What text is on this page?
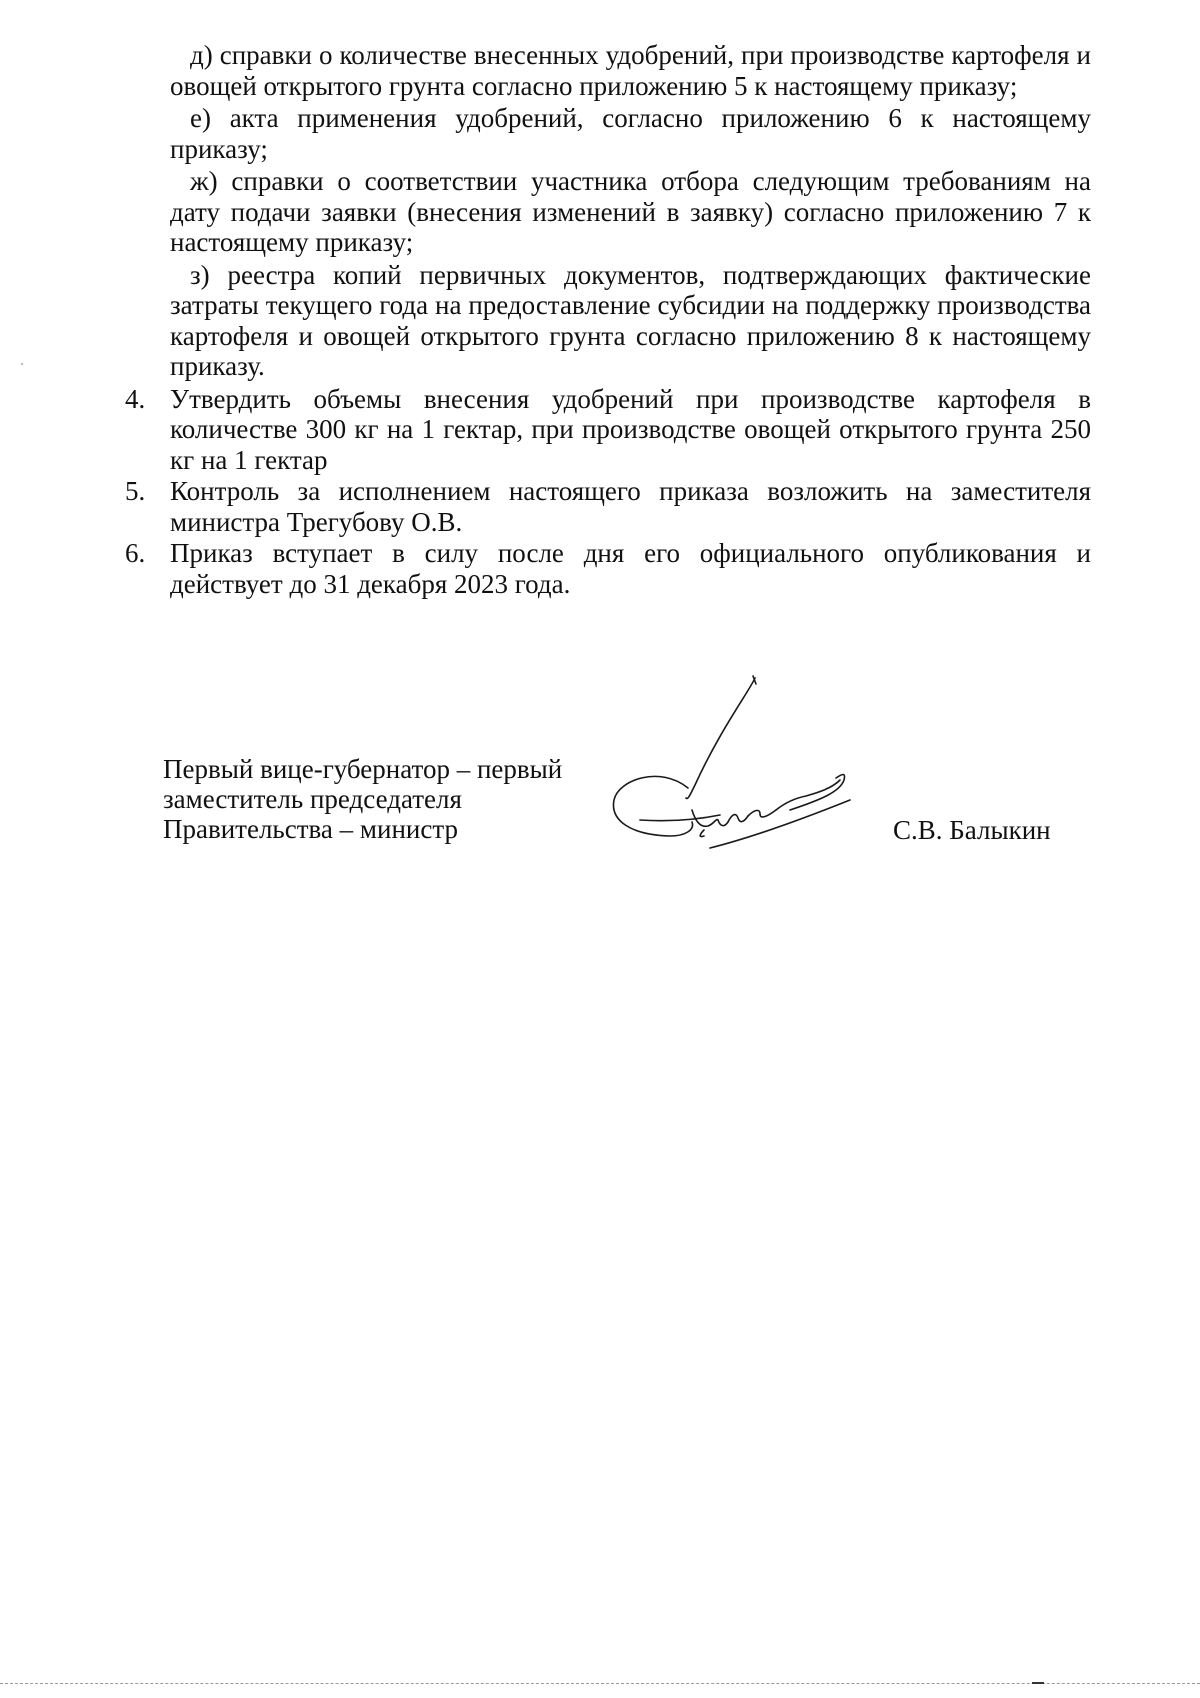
д) справки о количестве внесенных удобрений, при производстве картофеля и овощей открытого грунта согласно приложению 5 к настоящему приказу;

е) акта применения удобрений, согласно приложению 6 к настоящему приказу;

ж) справки о соответствии участника отбора следующим требованиям на дату подачи заявки (внесения изменений в заявку) согласно приложению 7 к настоящему приказу;

з) реестра копий первичных документов, подтверждающих фактические затраты текущего года на предоставление субсидии на поддержку производства картофеля и овощей открытого грунта согласно приложению 8 к настоящему приказу.

4. Утвердить объемы внесения удобрений при производстве картофеля в количестве 300 кг на 1 гектар, при производстве овощей открытого грунта 250 кг на 1 гектар
5. Контроль за исполнением настоящего приказа возложить на заместителя министра Трегубову О.В.
6. Приказ вступает в силу после дня его официального опубликования и действует до 31 декабря 2023 года.
Первый вице-губернатор – первый
заместитель председателя
Правительства – министр	С.В. Балыкин
